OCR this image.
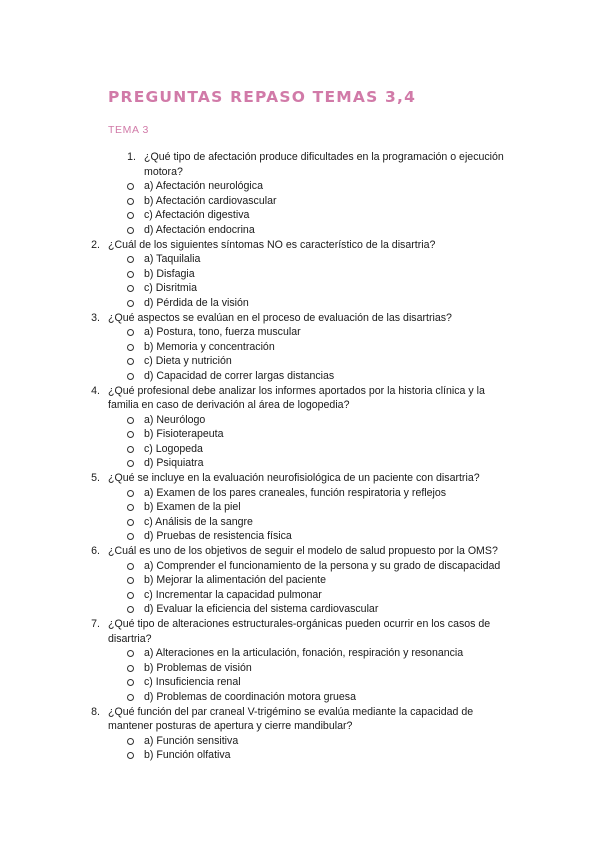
PREGUNTAS REPASO TEMAS 3,4
TEMA 3
1. ¿Qué tipo de afectación produce dificultades en la programación o ejecución motora?
a) Afectación neurológica
b) Afectación cardiovascular
c) Afectación digestiva
d) Afectación endocrina
2. ¿Cuál de los siguientes síntomas NO es característico de la disartria?
a) Taquilalia
b) Disfagia
c) Disritmia
d) Pérdida de la visión
3. ¿Qué aspectos se evalúan en el proceso de evaluación de las disartrias?
a) Postura, tono, fuerza muscular
b) Memoria y concentración
c) Dieta y nutrición
d) Capacidad de correr largas distancias
4. ¿Qué profesional debe analizar los informes aportados por la historia clínica y la familia en caso de derivación al área de logopedia?
a) Neurólogo
b) Fisioterapeuta
c) Logopeda
d) Psiquiatra
5. ¿Qué se incluye en la evaluación neurofisiológica de un paciente con disartria?
a) Examen de los pares craneales, función respiratoria y reflejos
b) Examen de la piel
c) Análisis de la sangre
d) Pruebas de resistencia física
6. ¿Cuál es uno de los objetivos de seguir el modelo de salud propuesto por la OMS?
a) Comprender el funcionamiento de la persona y su grado de discapacidad
b) Mejorar la alimentación del paciente
c) Incrementar la capacidad pulmonar
d) Evaluar la eficiencia del sistema cardiovascular
7. ¿Qué tipo de alteraciones estructurales-orgánicas pueden ocurrir en los casos de disartria?
a) Alteraciones en la articulación, fonación, respiración y resonancia
b) Problemas de visión
c) Insuficiencia renal
d) Problemas de coordinación motora gruesa
8. ¿Qué función del par craneal V-trigémino se evalúa mediante la capacidad de mantener posturas de apertura y cierre mandibular?
a) Función sensitiva
b) Función olfativa
